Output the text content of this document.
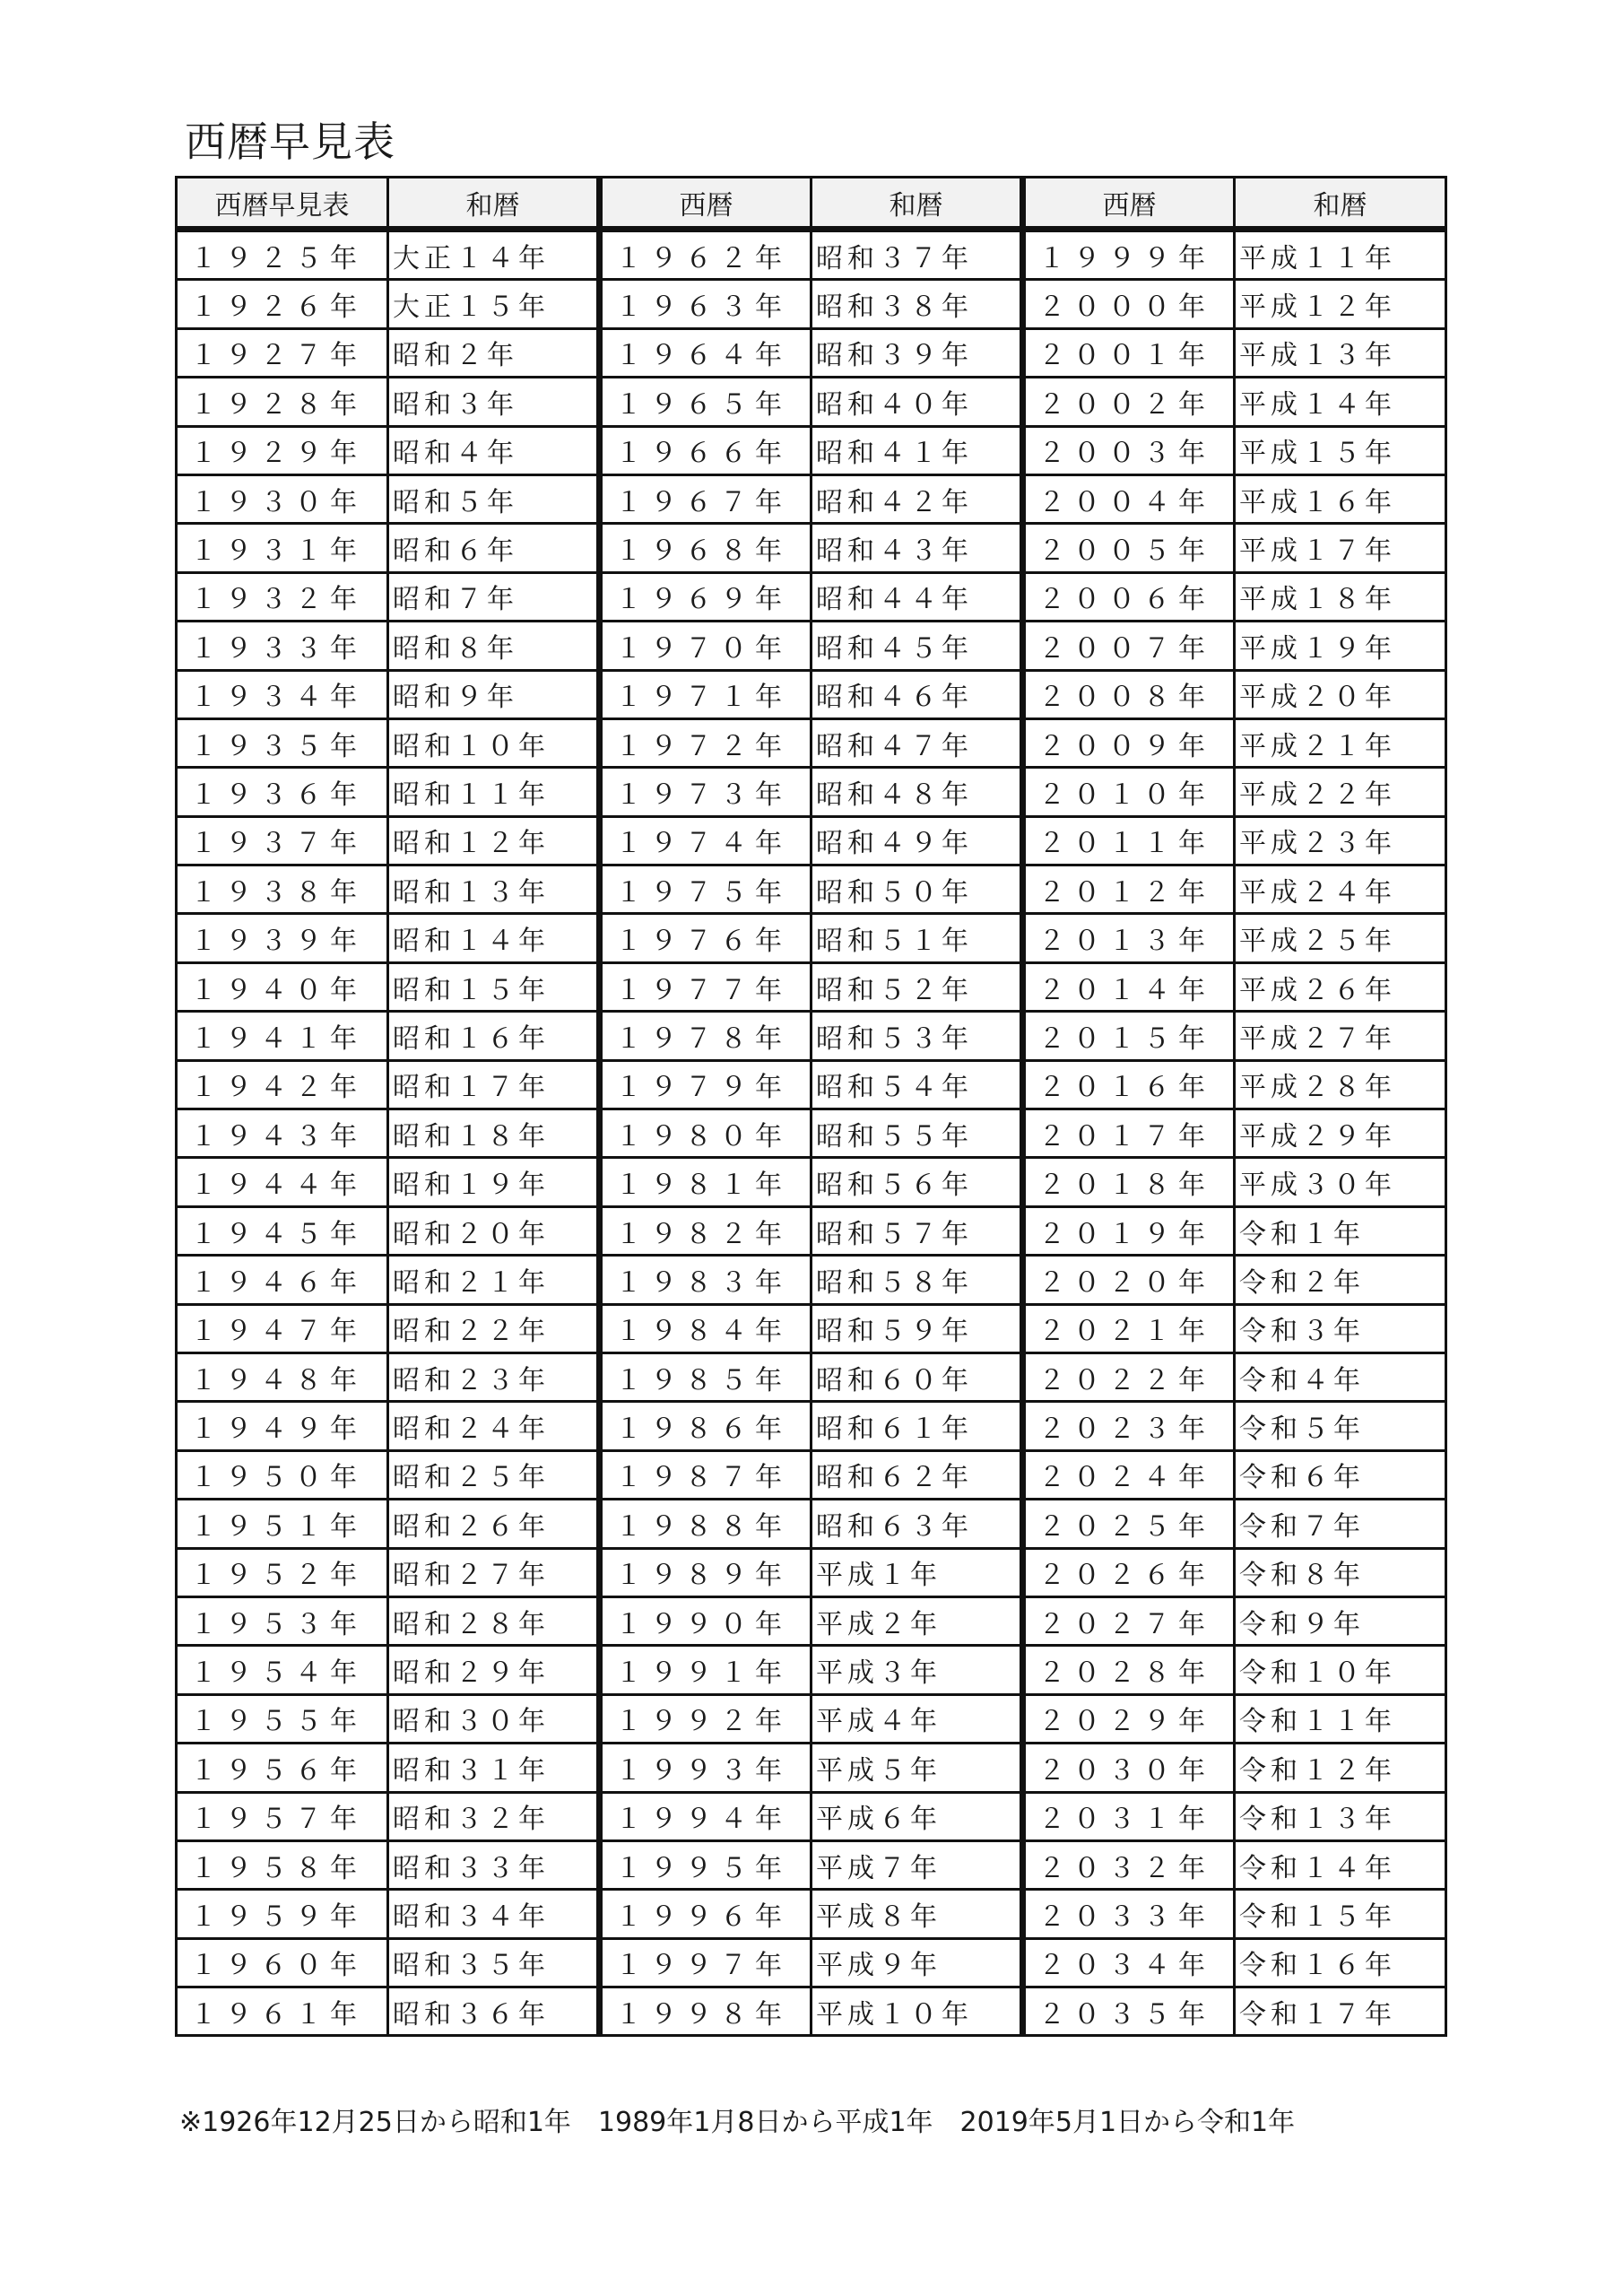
西暦早見表
西暦早見表	和暦	西暦	和暦	西暦	和暦
１９２５年	大正１４年	１９６２年	昭和３７年	１９９９年	平成１１年
１９２６年	大正１５年	１９６３年	昭和３８年	２０００年	平成１２年
１９２７年	昭和２年	１９６４年	昭和３９年	２００１年	平成１３年
１９２８年	昭和３年	１９６５年	昭和４０年	２００２年	平成１４年
１９２９年	昭和４年	１９６６年	昭和４１年	２００３年	平成１５年
１９３０年	昭和５年	１９６７年	昭和４２年	２００４年	平成１６年
１９３１年	昭和６年	１９６８年	昭和４３年	２００５年	平成１７年
１９３２年	昭和７年	１９６９年	昭和４４年	２００６年	平成１８年
１９３３年	昭和８年	１９７０年	昭和４５年	２００７年	平成１９年
１９３４年	昭和９年	１９７１年	昭和４６年	２００８年	平成２０年
１９３５年	昭和１０年	１９７２年	昭和４７年	２００９年	平成２１年
１９３６年	昭和１１年	１９７３年	昭和４８年	２０１０年	平成２２年
１９３７年	昭和１２年	１９７４年	昭和４９年	２０１１年	平成２３年
１９３８年	昭和１３年	１９７５年	昭和５０年	２０１２年	平成２４年
１９３９年	昭和１４年	１９７６年	昭和５１年	２０１３年	平成２５年
１９４０年	昭和１５年	１９７７年	昭和５２年	２０１４年	平成２６年
１９４１年	昭和１６年	１９７８年	昭和５３年	２０１５年	平成２７年
１９４２年	昭和１７年	１９７９年	昭和５４年	２０１６年	平成２８年
１９４３年	昭和１８年	１９８０年	昭和５５年	２０１７年	平成２９年
１９４４年	昭和１９年	１９８１年	昭和５６年	２０１８年	平成３０年
１９４５年	昭和２０年	１９８２年	昭和５７年	２０１９年	令和１年
１９４６年	昭和２１年	１９８３年	昭和５８年	２０２０年	令和２年
１９４７年	昭和２２年	１９８４年	昭和５９年	２０２１年	令和３年
１９４８年	昭和２３年	１９８５年	昭和６０年	２０２２年	令和４年
１９４９年	昭和２４年	１９８６年	昭和６１年	２０２３年	令和５年
１９５０年	昭和２５年	１９８７年	昭和６２年	２０２４年	令和６年
１９５１年	昭和２６年	１９８８年	昭和６３年	２０２５年	令和７年
１９５２年	昭和２７年	１９８９年	平成１年	２０２６年	令和８年
１９５３年	昭和２８年	１９９０年	平成２年	２０２７年	令和９年
１９５４年	昭和２９年	１９９１年	平成３年	２０２８年	令和１０年
１９５５年	昭和３０年	１９９２年	平成４年	２０２９年	令和１１年
１９５６年	昭和３１年	１９９３年	平成５年	２０３０年	令和１２年
１９５７年	昭和３２年	１９９４年	平成６年	２０３１年	令和１３年
１９５８年	昭和３３年	１９９５年	平成７年	２０３２年	令和１４年
１９５９年	昭和３４年	１９９６年	平成８年	２０３３年	令和１５年
１９６０年	昭和３５年	１９９７年	平成９年	２０３４年	令和１６年
１９６１年	昭和３６年	１９９８年	平成１０年	２０３５年	令和１７年
※1926年12月25日から昭和1年　1989年1月8日から平成1年　2019年5月1日から令和1年
